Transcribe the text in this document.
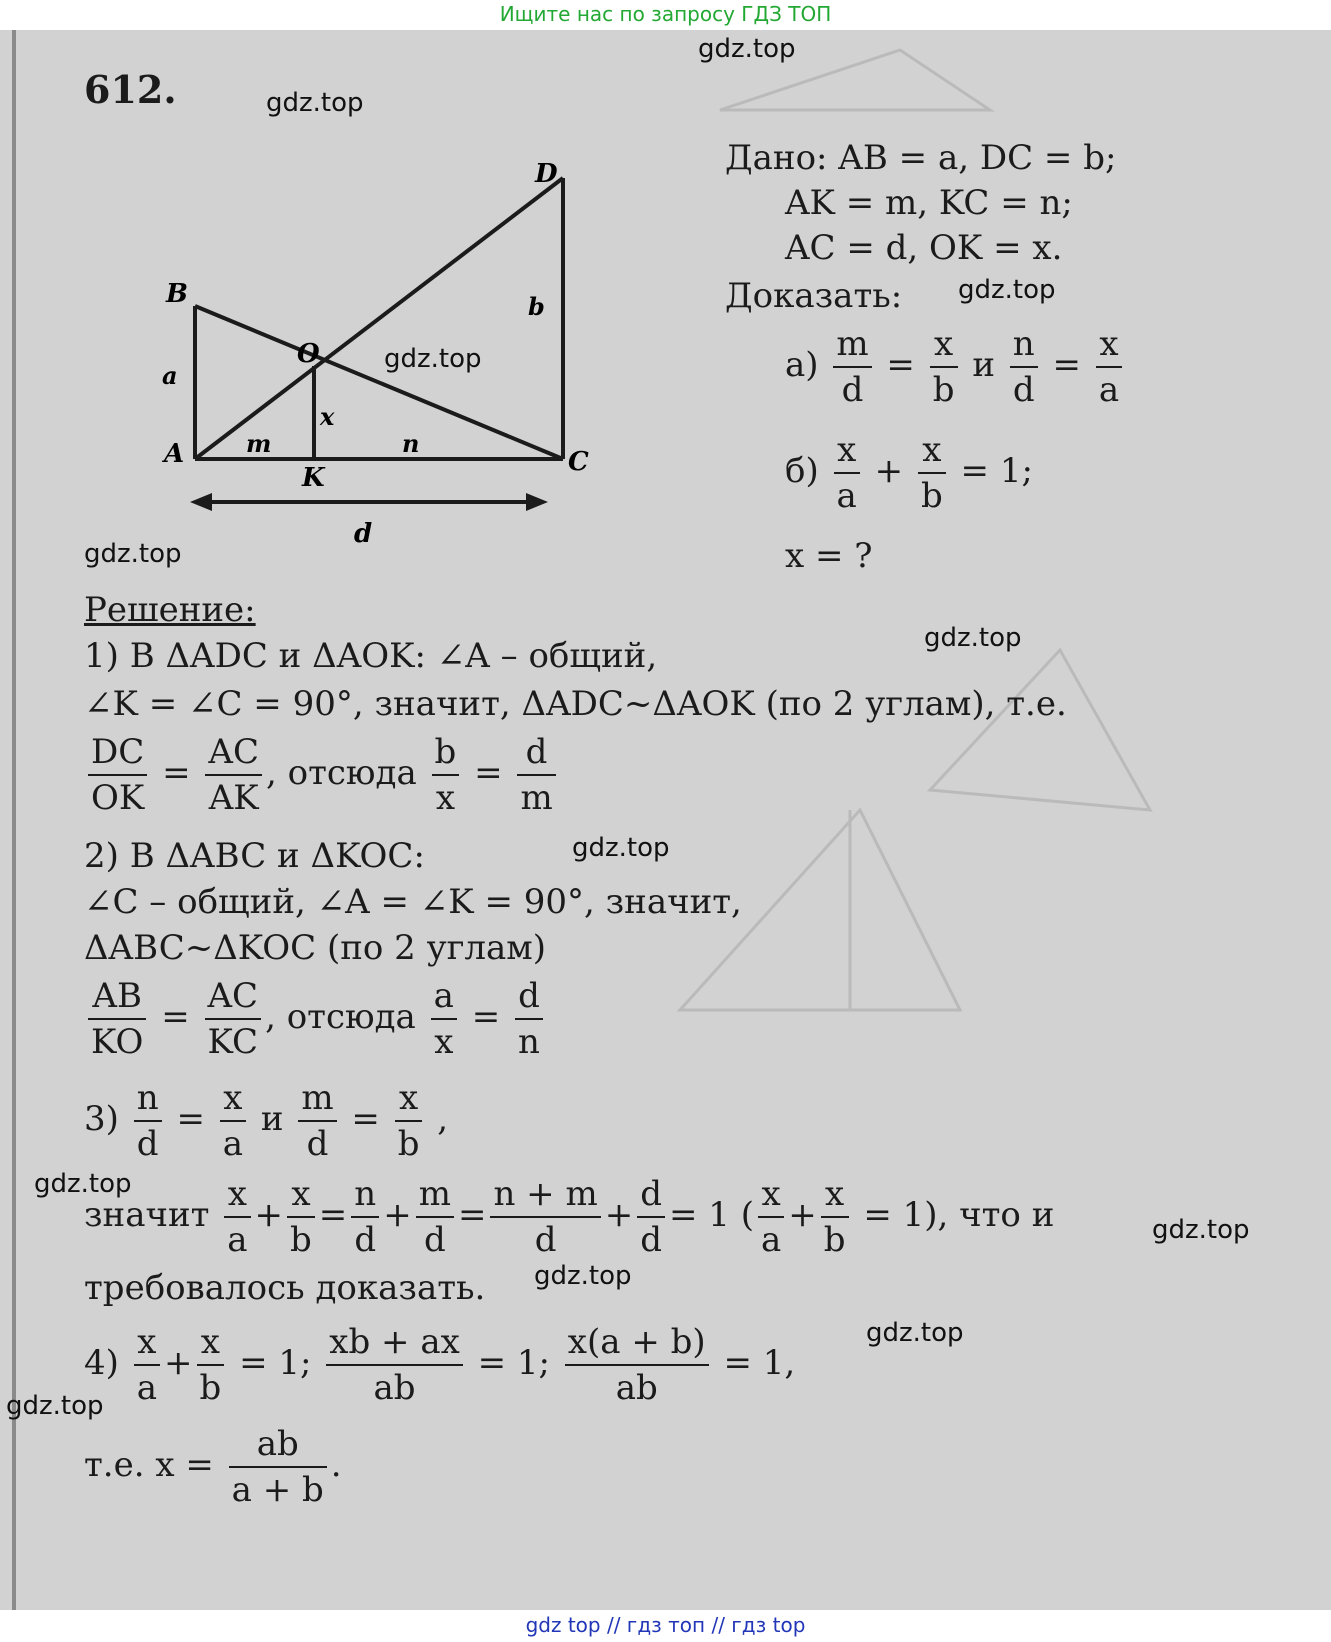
Ищите нас по запросу ГДЗ ТОП
612.
A
B
C
D
O
K
a
b
m	n
x
d
Дано: AB = a, DC = b;
AK = m, KC = n;
AC = d, OK = x.
Доказать:
$а) \frac{m}{d} = \frac{x}{b}$ и $\frac{n}{d} = \frac{x}{a}$
$б) \frac{x}{a} + \frac{x}{b} = 1$;
x = ?
Решение:
1) В ΔADC и ΔAOK: ∠A – общий,
∠K = ∠C = 90°, значит, ΔADC~ΔAOK (по 2 углам), т.е.
$\frac{DC}{OK} = \frac{AC}{AK}$ , отсюда $\frac{b}{x} = \frac{d}{m}$
2) В ΔABC и ΔKOC:
∠C – общий, ∠A = ∠K = 90°, значит,
ΔABC~ΔKOC (по 2 углам)
$\frac{AB}{KO} = \frac{AC}{KC}$ , отсюда $\frac{a}{x} = \frac{d}{n}$
$3) \frac{n}{d} = \frac{x}{a}$ и $\frac{m}{d} = \frac{x}{b}$ ,
значит $\frac{x}{a} + \frac{x}{b} = \frac{n}{d} + \frac{m}{d} = \frac{n + m}{d} + \frac{d}{d} = 1$ ( $\frac{x}{a} + \frac{x}{b} = 1$), что и
требовалось доказать.
$4) \frac{x}{a} + \frac{x}{b} = 1$; $\frac{xb + ax}{ab} = 1$; $\frac{x(a + b)}{ab} = 1$,
т.е. $x = \frac{ab}{a + b}$ .
gdz.top
gdz.top
gdz.top
gdz.top
gdz.top
gdz.top
gdz.top
gdz.top
gdz.top
gdz.top
gdz.top
gdz.top
gdz top // гдз топ // гдз top
